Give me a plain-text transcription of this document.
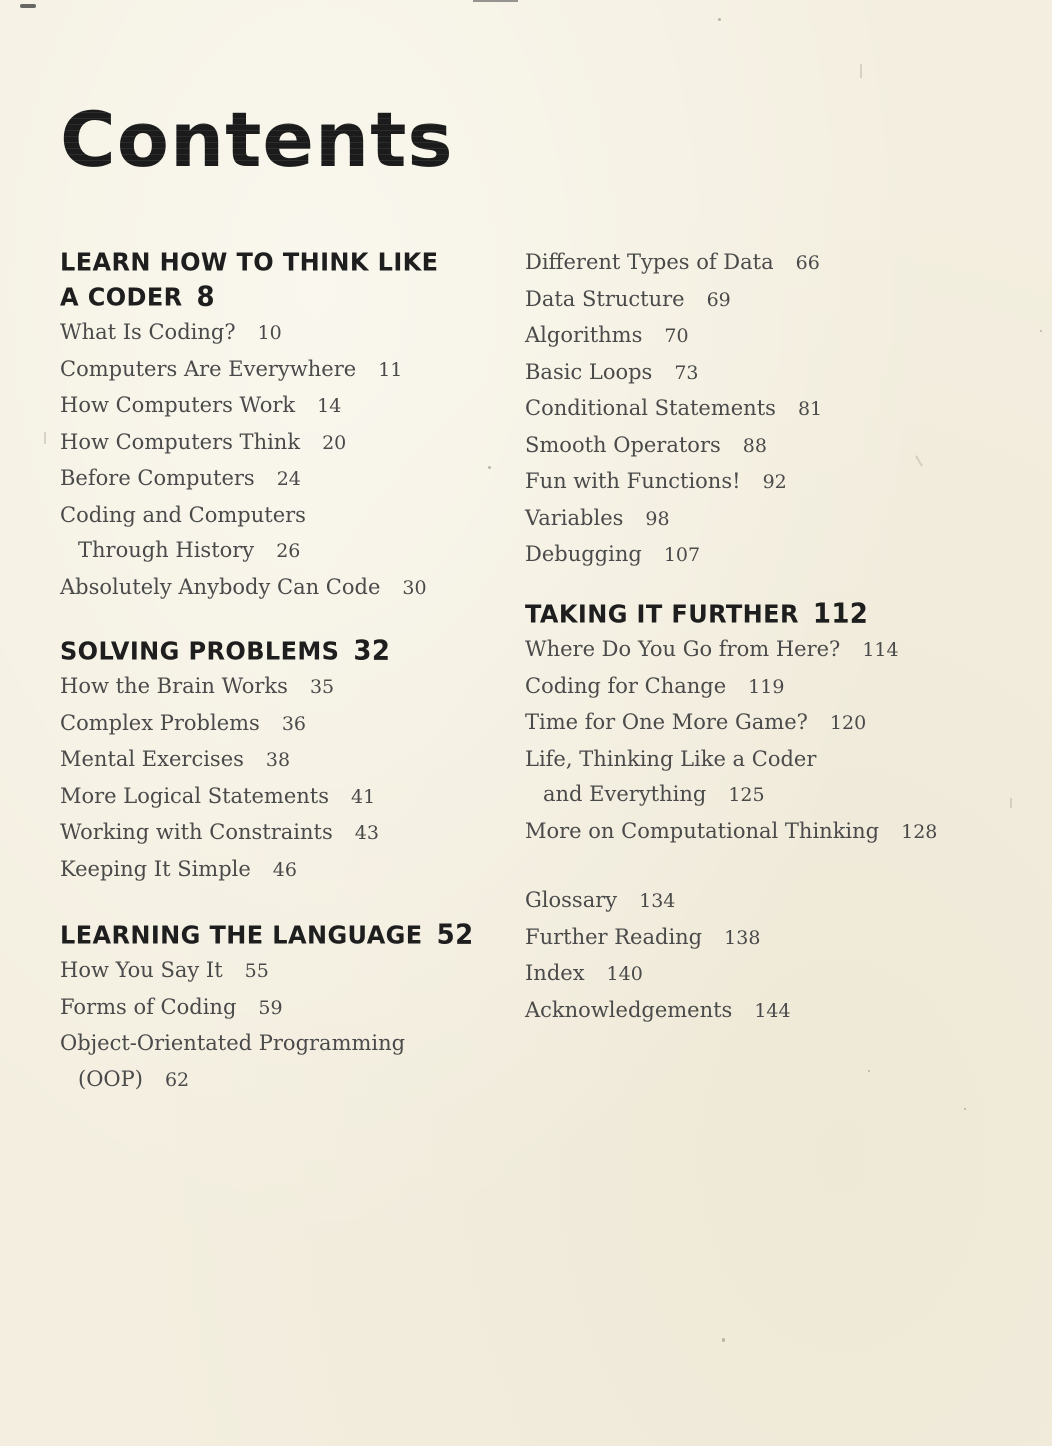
Contents
LEARN HOW TO THINK LIKE
A CODER 8
What Is Coding? 10
Computers Are Everywhere 11
How Computers Work 14
How Computers Think 20
Before Computers 24
Coding and Computers
Through History 26
Absolutely Anybody Can Code 30
SOLVING PROBLEMS 32
How the Brain Works 35
Complex Problems 36
Mental Exercises 38
More Logical Statements 41
Working with Constraints 43
Keeping It Simple 46
LEARNING THE LANGUAGE 52
How You Say It 55
Forms of Coding 59
Object-Orientated Programming
(OOP) 62
Different Types of Data 66
Data Structure 69
Algorithms 70
Basic Loops 73
Conditional Statements 81
Smooth Operators 88
Fun with Functions! 92
Variables 98
Debugging 107
TAKING IT FURTHER 112
Where Do You Go from Here? 114
Coding for Change 119
Time for One More Game? 120
Life, Thinking Like a Coder
and Everything 125
More on Computational Thinking 128
Glossary 134
Further Reading 138
Index 140
Acknowledgements 144
